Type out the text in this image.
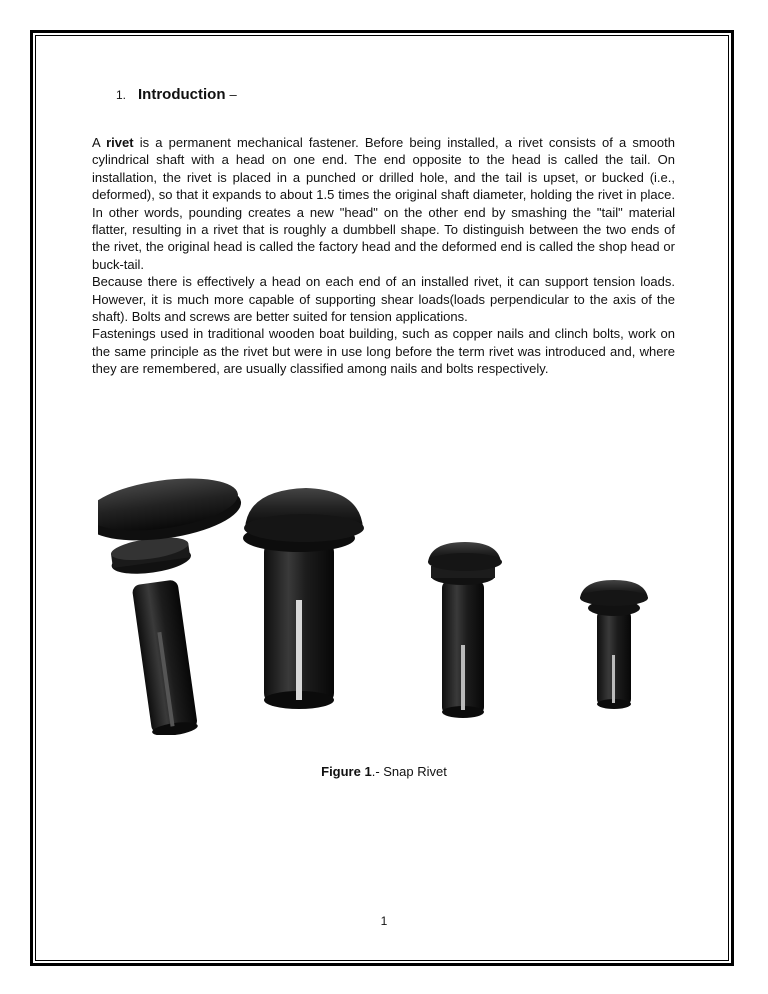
1. Introduction –

A rivet is a permanent mechanical fastener. Before being installed, a rivet consists of a smooth cylindrical shaft with a head on one end. The end opposite to the head is called the tail. On installation, the rivet is placed in a punched or drilled hole, and the tail is upset, or bucked (i.e., deformed), so that it expands to about 1.5 times the original shaft diameter, holding the rivet in place. In other words, pounding creates a new "head" on the other end by smashing the "tail" material flatter, resulting in a rivet that is roughly a dumbbell shape. To distinguish between the two ends of the rivet, the original head is called the factory head and the deformed end is called the shop head or buck-tail.

Because there is effectively a head on each end of an installed rivet, it can support tension loads. However, it is much more capable of supporting shear loads(loads perpendicular to the axis of the shaft). Bolts and screws are better suited for tension applications.

Fastenings used in traditional wooden boat building, such as copper nails and clinch bolts, work on the same principle as the rivet but were in use long before the term rivet was introduced and, where they are remembered, are usually classified among nails and bolts respectively.

Figure 1.- Snap Rivet
1
